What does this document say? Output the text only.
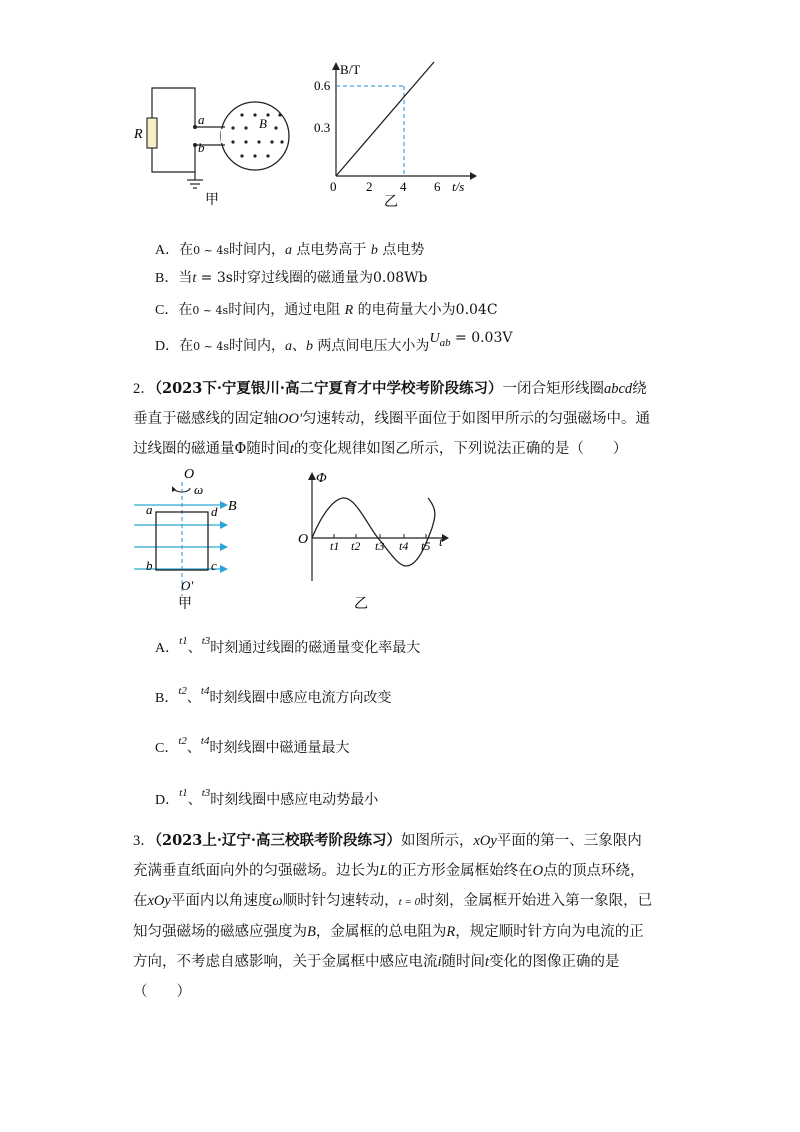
R
a
b
甲
B
B/T
0.6
0.3
0 2 4 6 t/s
乙
A．在0 ~ 4s时间内，a 点电势高于 b 点电势
B．当t = 3s时穿过线圈的磁通量为0.08Wb
C．在0 ~ 4s时间内，通过电阻 R 的电荷量大小为0.04C
D．在0 ~ 4s时间内，a、b 两点间电压大小为$U^{ab} = 0.03V$
2．（2023下·宁夏银川·高二宁夏育才中学校考阶段练习）一闭合矩形线圈abcd绕垂直于磁感线的固定轴OO'匀速转动，线圈平面位于如图甲所示的匀强磁场中。通过线圈的磁通量Φ随时间t的变化规律如图乙所示，下列说法正确的是（　　）
O
ω
B
a	d
b	c
O'
甲
Φ
O	t
t1 t2 t3 t4 t5
乙
A．$^{t1}$、$^{t3}$时刻通过线圈的磁通量变化率最大
B．$^{t2}$、$^{t4}$时刻线圈中感应电流方向改变
C．$^{t2}$、$^{t4}$时刻线圈中磁通量最大
D．$^{t1}$、$^{t3}$时刻线圈中感应电动势最小
3．（2023上·辽宁·高三校联考阶段练习）如图所示，xOy平面的第一、三象限内充满垂直纸面向外的匀强磁场。边长为L的正方形金属框始终在O点的顶点环绕，在xOy平面内以角速度ω顺时针匀速转动，t = 0时刻，金属框开始进入第一象限，已知匀强磁场的磁感应强度为B，金属框的总电阻为R，规定顺时针方向为电流的正方向，不考虑自感影响，关于金属框中感应电流i随时间t变化的图像正确的是（　　）
